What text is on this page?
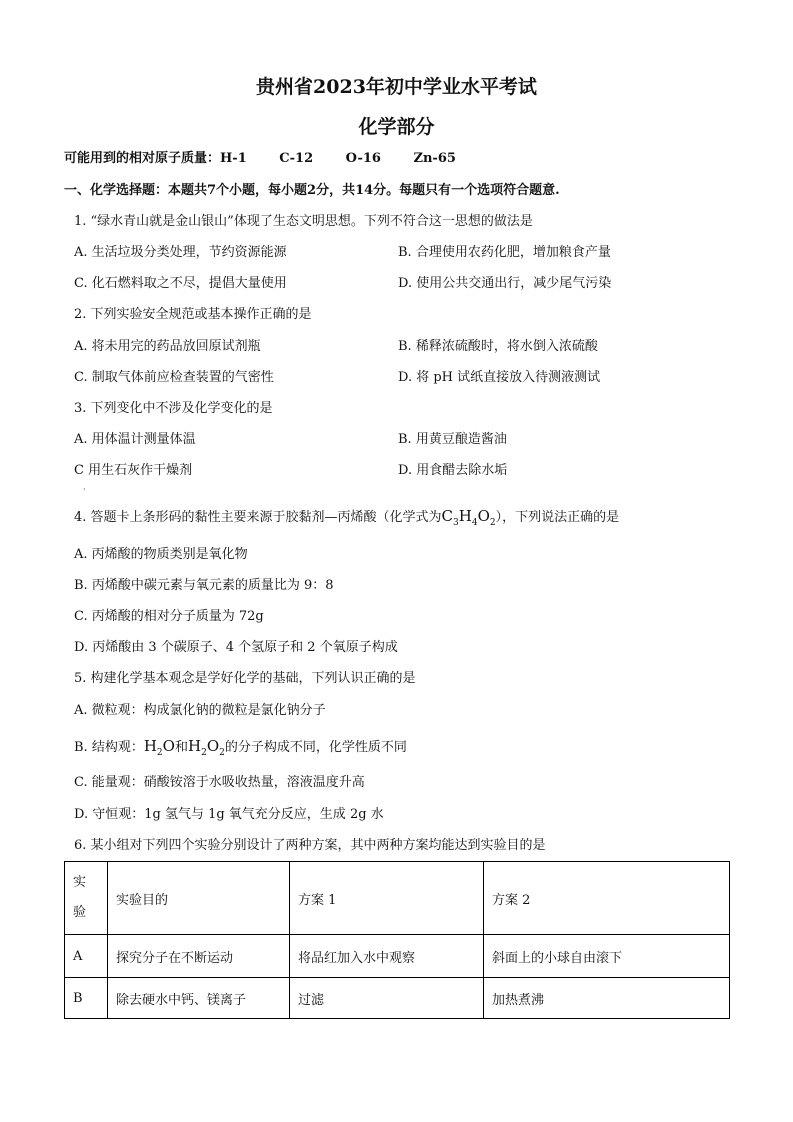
贵州省2023年初中学业水平考试
化学部分
可能用到的相对原子质量：H-1	C-12	O-16	Zn-65
一、化学选择题：本题共7个小题，每小题2分，共14分。每题只有一个选项符合题意.
1. “绿水青山就是金山银山”体现了生态文明思想。下列不符合这一思想的做法是
A. 生活垃圾分类处理，节约资源能源	B. 合理使用农药化肥，增加粮食产量
C. 化石燃料取之不尽，提倡大量使用	D. 使用公共交通出行，减少尾气污染
2. 下列实验安全规范或基本操作正确的是
A. 将未用完的药品放回原试剂瓶	B. 稀释浓硫酸时，将水倒入浓硫酸
C. 制取气体前应检查装置的气密性	D. 将 pH 试纸直接放入待测液测试
3. 下列变化中不涉及化学变化的是
A. 用体温计测量体温	B. 用黄豆酿造酱油
C 用生石灰作干燥剂	D. 用食醋去除水垢
·
4. 答题卡上条形码的黏性主要来源于胶黏剂—丙烯酸（化学式为$C_3H_4O_2$），下列说法正确的是
A. 丙烯酸的物质类别是氧化物
B. 丙烯酸中碳元素与氧元素的质量比为 9：8
C. 丙烯酸的相对分子质量为 72g
D. 丙烯酸由 3 个碳原子、4 个氢原子和 2 个氧原子构成
5. 构建化学基本观念是学好化学的基础，下列认识正确的是
A. 微粒观：构成氯化钠的微粒是氯化钠分子
B. 结构观：$H_2O$和$H_2O_2$的分子构成不同，化学性质不同
C. 能量观：硝酸铵溶于水吸收热量，溶液温度升高
D. 守恒观：1g 氢气与 1g 氧气充分反应，生成 2g 水
6. 某小组对下列四个实验分别设计了两种方案，其中两种方案均能达到实验目的是
实
验	实验目的	方案 1	方案 2
A	探究分子在不断运动	将品红加入水中观察	斜面上的小球自由滚下
B	除去硬水中钙、镁离子	过滤	加热煮沸
